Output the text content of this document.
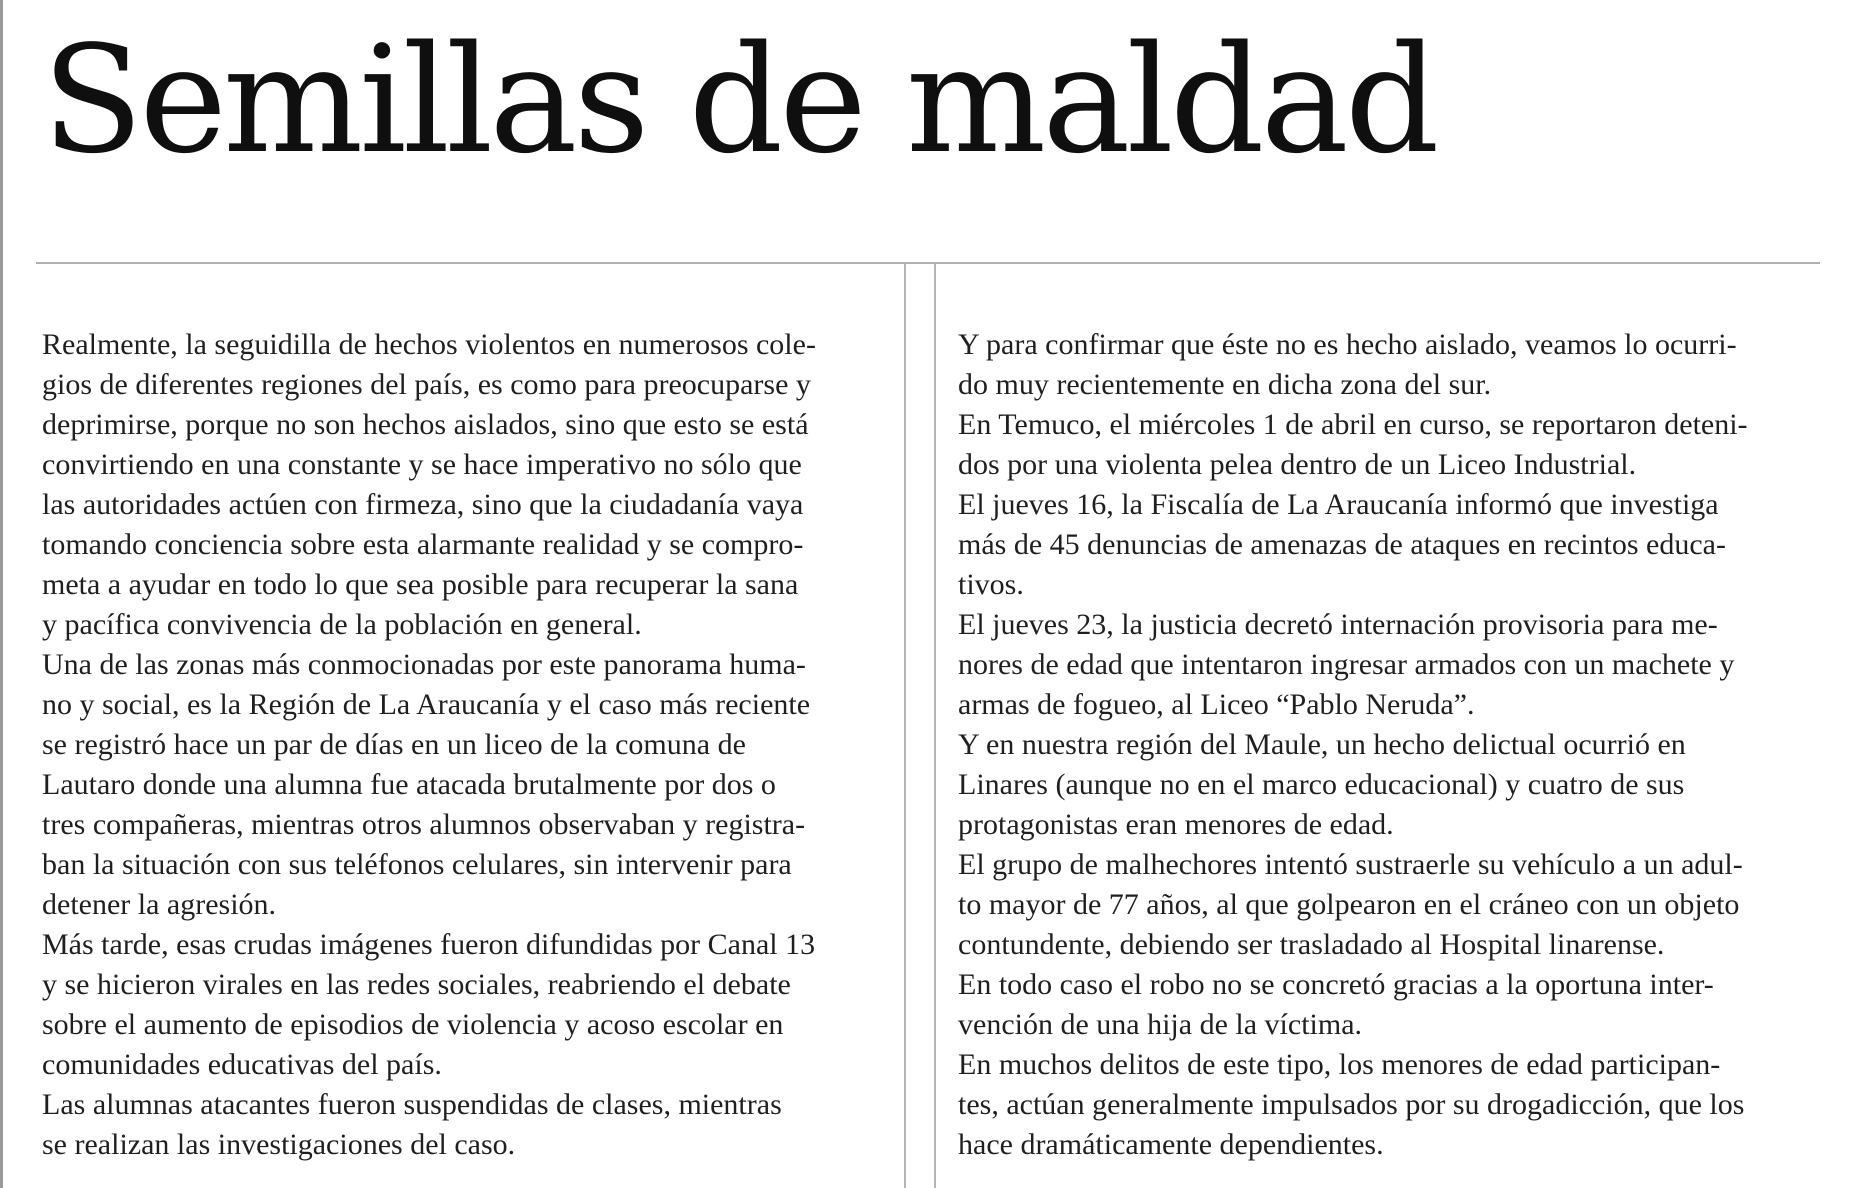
Semillas de maldad
Realmente, la seguidilla de hechos violentos en numerosos cole-
gios de diferentes regiones del país, es como para preocuparse y
deprimirse, porque no son hechos aislados, sino que esto se está
convirtiendo en una constante y se hace imperativo no sólo que
las autoridades actúen con firmeza, sino que la ciudadanía vaya
tomando conciencia sobre esta alarmante realidad y se compro-
meta a ayudar en todo lo que sea posible para recuperar la sana
y pacífica convivencia de la población en general.
Una de las zonas más conmocionadas por este panorama huma-
no y social, es la Región de La Araucanía y el caso más reciente
se registró hace un par de días en un liceo de la comuna de
Lautaro donde una alumna fue atacada brutalmente por dos o
tres compañeras, mientras otros alumnos observaban y registra-
ban la situación con sus teléfonos celulares, sin intervenir para
detener la agresión.
Más tarde, esas crudas imágenes fueron difundidas por Canal 13
y se hicieron virales en las redes sociales, reabriendo el debate
sobre el aumento de episodios de violencia y acoso escolar en
comunidades educativas del país.
Las alumnas atacantes fueron suspendidas de clases, mientras
se realizan las investigaciones del caso.
Y para confirmar que éste no es hecho aislado, veamos lo ocurri-
do muy recientemente en dicha zona del sur.
En Temuco, el miércoles 1 de abril en curso, se reportaron deteni-
dos por una violenta pelea dentro de un Liceo Industrial.
El jueves 16, la Fiscalía de La Araucanía informó que investiga
más de 45 denuncias de amenazas de ataques en recintos educa-
tivos.
El jueves 23, la justicia decretó internación provisoria para me-
nores de edad que intentaron ingresar armados con un machete y
armas de fogueo, al Liceo “Pablo Neruda”.
Y en nuestra región del Maule, un hecho delictual ocurrió en
Linares (aunque no en el marco educacional) y cuatro de sus
protagonistas eran menores de edad.
El grupo de malhechores intentó sustraerle su vehículo a un adul-
to mayor de 77 años, al que golpearon en el cráneo con un objeto
contundente, debiendo ser trasladado al Hospital linarense.
En todo caso el robo no se concretó gracias a la oportuna inter-
vención de una hija de la víctima.
En muchos delitos de este tipo, los menores de edad participan-
tes, actúan generalmente impulsados por su drogadicción, que los
hace dramáticamente dependientes.
